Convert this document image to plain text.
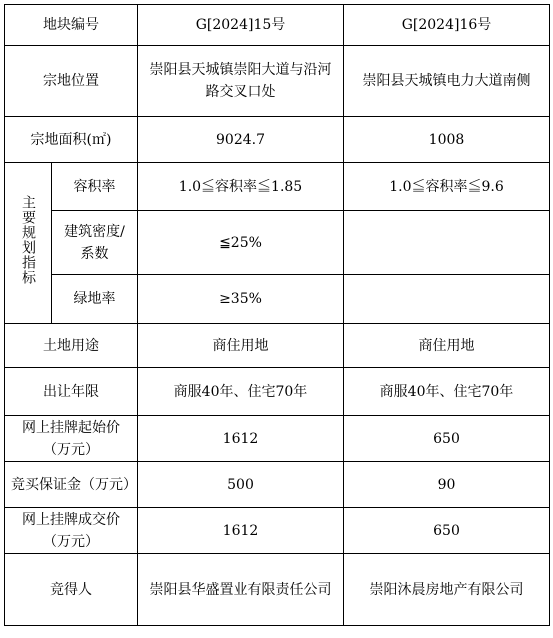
地块编号		G[2024]15号	G[2024]16号
宗地位置		崇阳县天城镇崇阳大道与沿河路交叉口处	崇阳县天城镇电力大道南侧
宗地面积(㎡)		9024.7	1008
主要规划指标	容积率	1.0≦容积率≦1.85	1.0≦容积率≦9.6
	建筑密度/系数	≦25%	
	绿地率	≥35%	
土地用途		商住用地	商住用地
出让年限		商服40年、住宅70年	商服40年、住宅70年
网上挂牌起始价（万元）		1612	650
竞买保证金（万元）		500	90
网上挂牌成交价（万元）		1612	650
竞得人		崇阳县华盛置业有限责任公司	崇阳沐晨房地产有限公司
